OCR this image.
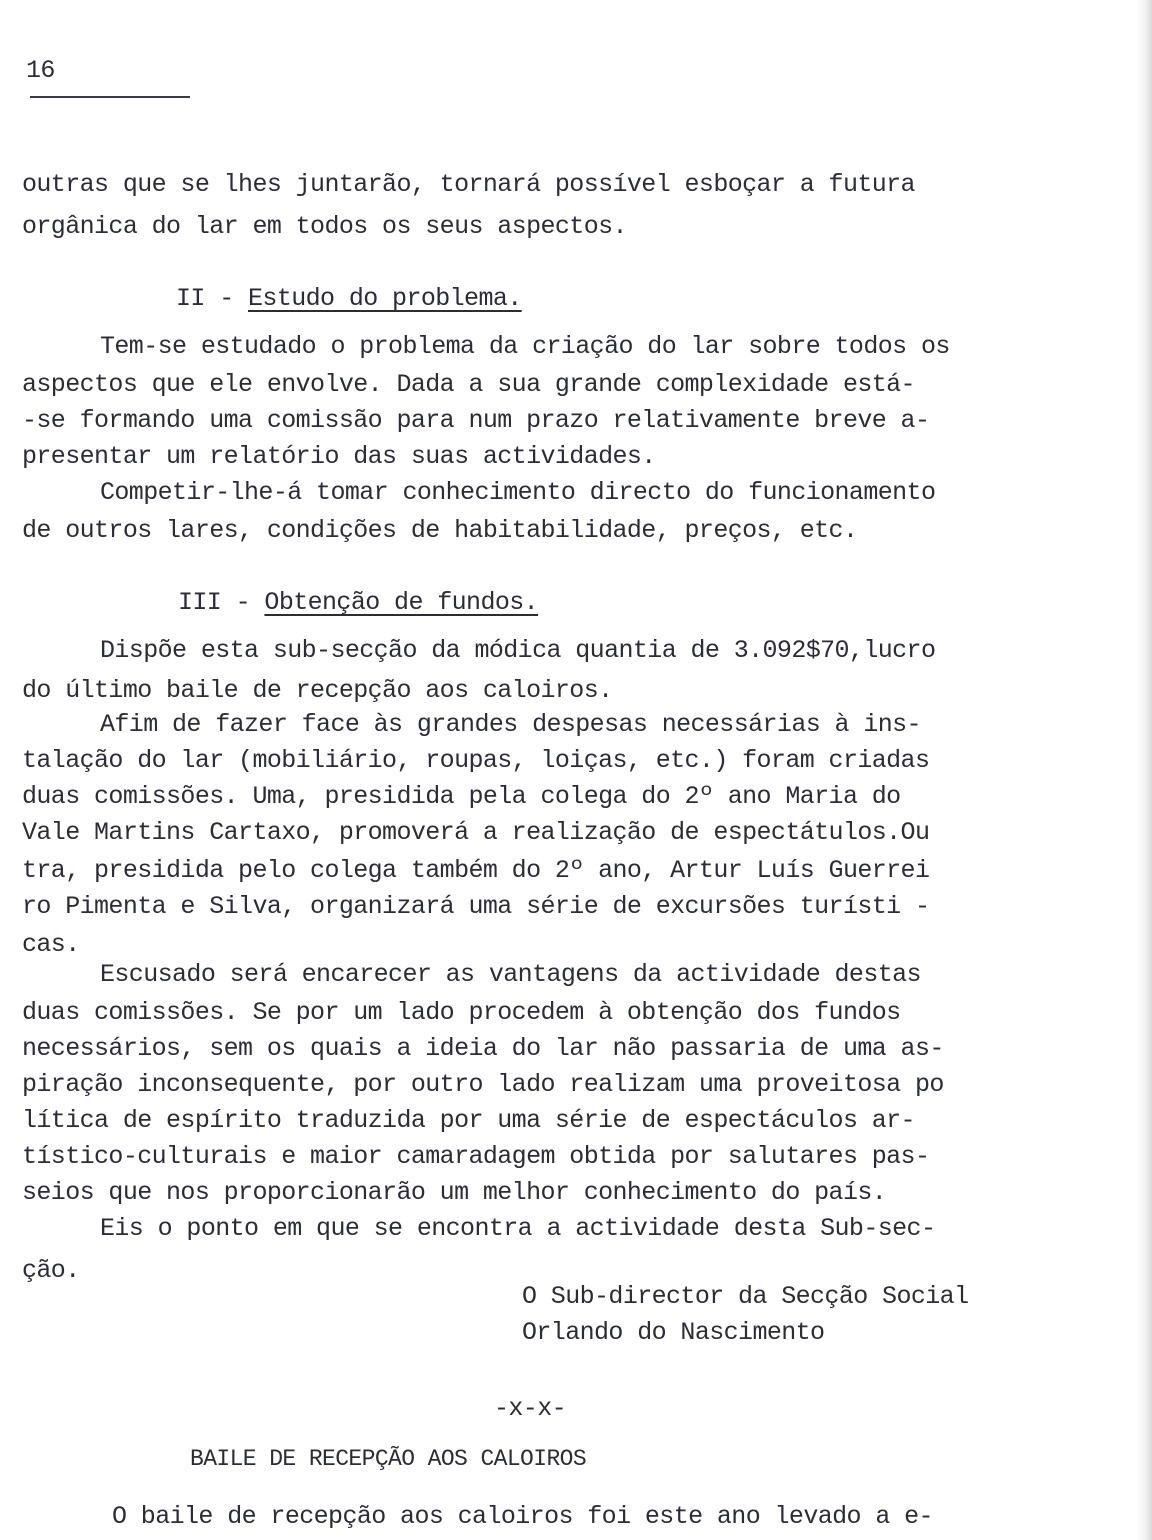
16
outras que se lhes juntarão, tornará possível esboçar a futura
orgânica do lar em todos os seus aspectos.
II - Estudo do problema.
Tem-se estudado o problema da criação do lar sobre todos os
aspectos que ele envolve. Dada a sua grande complexidade está-
-se formando uma comissão para num prazo relativamente breve a-
presentar um relatório das suas actividades.
Competir-lhe-á tomar conhecimento directo do funcionamento
de outros lares, condições de habitabilidade, preços, etc.
III - Obtenção de fundos.
Dispõe esta sub-secção da módica quantia de 3.092$70,lucro
do último baile de recepção aos caloiros.
Afim de fazer face às grandes despesas necessárias à ins-
talação do lar (mobiliário, roupas, loiças, etc.) foram criadas
duas comissões. Uma, presidida pela colega do 2º ano Maria do
Vale Martins Cartaxo, promoverá a realização de espectátulos.Ou
tra, presidida pelo colega também do 2º ano, Artur Luís Guerrei
ro Pimenta e Silva, organizará uma série de excursões turísti -
cas.
Escusado será encarecer as vantagens da actividade destas
duas comissões. Se por um lado procedem à obtenção dos fundos
necessários, sem os quais a ideia do lar não passaria de uma as-
piração inconsequente, por outro lado realizam uma proveitosa po
lítica de espírito traduzida por uma série de espectáculos ar-
tístico-culturais e maior camaradagem obtida por salutares pas-
seios que nos proporcionarão um melhor conhecimento do país.
Eis o ponto em que se encontra a actividade desta Sub-sec-
ção.
O Sub-director da Secção Social
Orlando do Nascimento
-x-x-
BAILE DE RECEPÇÃO AOS CALOIROS
O baile de recepção aos caloiros foi este ano levado a e-
